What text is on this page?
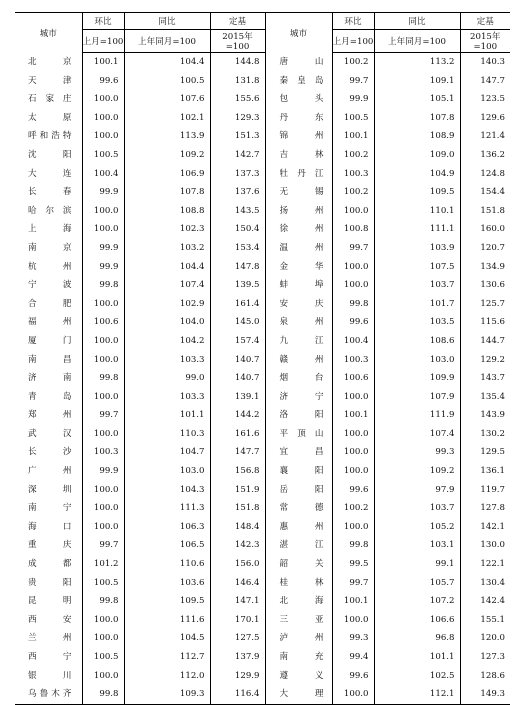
城市	环比	同比	定基	城市	环比	同比	定基
	上月=100	上年同月=100	2015年=100		上月=100	上年同月=100	2015年=100
北　京	100.1	104.4	144.8	唐　山	100.2	113.2	140.3
天　津	99.6	100.5	131.8	秦皇岛	99.7	109.1	147.7
石家庄	100.0	107.6	155.6	包　头	99.9	105.1	123.5
太　原	100.0	102.1	129.3	丹　东	100.5	107.8	129.6
呼和浩特	100.0	113.9	151.3	锦　州	100.1	108.9	121.4
沈　阳	100.5	109.2	142.7	吉　林	100.2	109.0	136.2
大　连	100.4	106.9	137.3	牡丹江	100.3	104.9	124.8
长　春	99.9	107.8	137.6	无　锡	100.2	109.5	154.4
哈尔滨	100.0	108.8	143.5	扬　州	100.0	110.1	151.8
上　海	100.0	102.3	150.4	徐　州	100.8	111.1	160.0
南　京	99.9	103.2	153.4	温　州	99.7	103.9	120.7
杭　州	99.9	104.4	147.8	金　华	100.0	107.5	134.9
宁　波	99.8	107.4	139.5	蚌　埠	100.0	103.7	130.6
合　肥	100.0	102.9	161.4	安　庆	99.8	101.7	125.7
福　州	100.6	104.0	145.0	泉　州	99.6	103.5	115.6
厦　门	100.0	104.2	157.4	九　江	100.4	108.6	144.7
南　昌	100.0	103.3	140.7	赣　州	100.3	103.0	129.2
济　南	99.8	99.0	140.7	烟　台	100.6	109.9	143.7
青　岛	100.0	103.3	139.1	济　宁	100.0	107.9	135.4
郑　州	99.7	101.1	144.2	洛　阳	100.1	111.9	143.9
武　汉	100.0	110.3	161.6	平顶山	100.0	107.4	130.2
长　沙	100.3	104.7	147.7	宜　昌	100.0	99.3	129.5
广　州	99.9	103.0	156.8	襄　阳	100.0	109.2	136.1
深　圳	100.0	104.3	151.9	岳　阳	99.6	97.9	119.7
南　宁	100.0	111.3	151.8	常　德	100.2	103.7	127.8
海　口	100.0	106.3	148.4	惠　州	100.0	105.2	142.1
重　庆	99.7	106.5	142.3	湛　江	99.8	103.1	130.0
成　都	101.2	110.6	156.0	韶　关	99.5	99.1	122.1
贵　阳	100.5	103.6	146.4	桂　林	99.7	105.7	130.4
昆　明	99.8	109.5	147.1	北　海	100.1	107.2	142.4
西　安	100.0	111.6	170.1	三　亚	100.0	106.6	155.1
兰　州	100.0	104.5	127.5	泸　州	99.3	96.8	120.0
西　宁	100.5	112.7	137.9	南　充	99.4	101.1	127.3
银　川	100.0	112.0	129.9	遵　义	99.6	102.5	128.6
乌鲁木齐	99.8	109.3	116.4	大　理	100.0	112.1	149.3
